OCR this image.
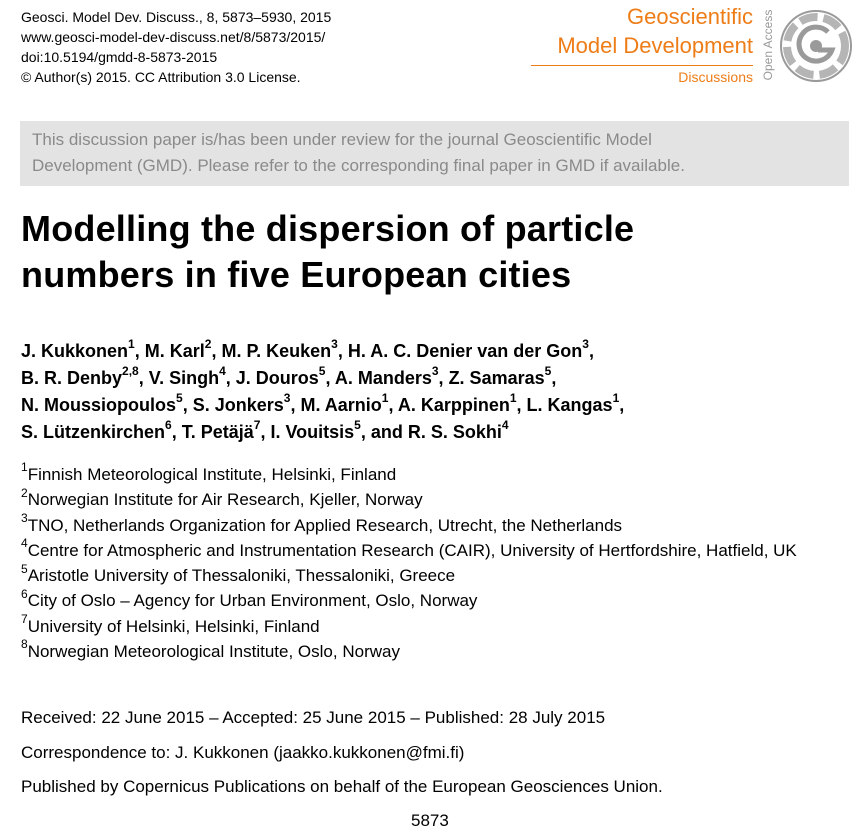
Geosci. Model Dev. Discuss., 8, 5873–5930, 2015
www.geosci-model-dev-discuss.net/8/5873/2015/
doi:10.5194/gmdd-8-5873-2015
© Author(s) 2015. CC Attribution 3.0 License.
Geoscientific
Model Development
Discussions Open Access
This discussion paper is/has been under review for the journal Geoscientific Model
Development (GMD). Please refer to the corresponding final paper in GMD if available.
Modelling the dispersion of particle
numbers in five European cities
J. Kukkonen$^1$, M. Karl$^2$, M. P. Keuken$^3$, H. A. C. Denier van der Gon$^3$,
B. R. Denby$^{2,8}$, V. Singh$^4$, J. Douros$^5$, A. Manders$^3$, Z. Samaras$^5$,
N. Moussiopoulos$^5$, S. Jonkers$^3$, M. Aarnio$^1$, A. Karppinen$^1$, L. Kangas$^1$,
S. Lützenkirchen$^6$, T. Petäjä$^7$, I. Vouitsis$^5$, and R. S. Sokhi$^4$
$^1$Finnish Meteorological Institute, Helsinki, Finland
$^2$Norwegian Institute for Air Research, Kjeller, Norway
$^3$TNO, Netherlands Organization for Applied Research, Utrecht, the Netherlands
$^4$Centre for Atmospheric and Instrumentation Research (CAIR), University of Hertfordshire, Hatfield, UK
$^5$Aristotle University of Thessaloniki, Thessaloniki, Greece
$^6$City of Oslo – Agency for Urban Environment, Oslo, Norway
$^7$University of Helsinki, Helsinki, Finland
$^8$Norwegian Meteorological Institute, Oslo, Norway
Received: 22 June 2015 – Accepted: 25 June 2015 – Published: 28 July 2015
Correspondence to: J. Kukkonen (jaakko.kukkonen@fmi.fi)
Published by Copernicus Publications on behalf of the European Geosciences Union.
5873
